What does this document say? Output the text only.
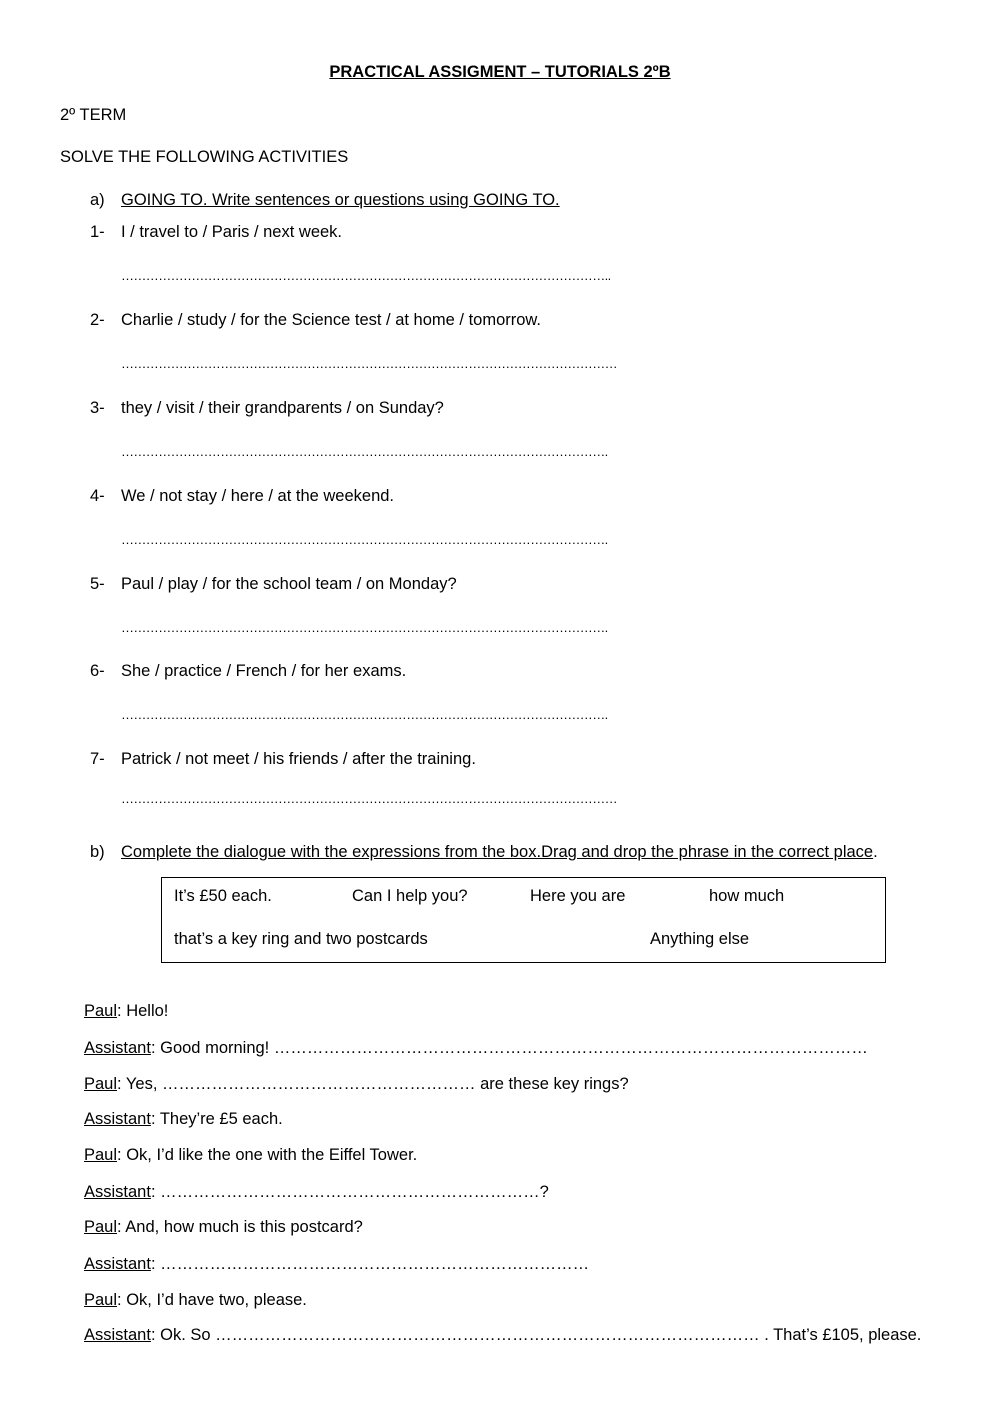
PRACTICAL ASSIGMENT – TUTORIALS 2ºB
2º TERM
SOLVE THE FOLLOWING ACTIVITIES
a) GOING TO. Write sentences or questions using GOING TO.
1- I / travel to / Paris / next week.
………………………………………………………………………………………………………..
2- Charlie / study / for the Science test / at home / tomorrow.
…………………………………………………………………………………………………………
3- they / visit / their grandparents / on Sunday?
……………………………………………………………………………………………………….
4- We / not stay / here / at the weekend.
……………………………………………………………………………………………………….
5- Paul / play / for the school team / on Monday?
……………………………………………………………………………………………………….
6- She / practice / French / for her exams.
……………………………………………………………………………………………………….
7- Patrick / not meet / his friends / after the training.
…………………………………………………………………………………………………………
b) Complete the dialogue with the expressions from the box.Drag and drop the phrase in the correct place.
It’s £50 each.	Can I help you?	Here you are	how much
that’s a key ring and two postcards	Anything else
Paul: Hello!
Assistant: Good morning! ………………………………………………………………………………………………
Paul: Yes, ………………………………………………… are these key rings?
Assistant: They’re £5 each.
Paul: Ok, I’d like the one with the Eiffel Tower.
Assistant: ……………………………………………………………?
Paul: And, how much is this postcard?
Assistant: ……………………………………………………………………
Paul: Ok, I’d have two, please.
Assistant: Ok. So ……………………………………………………………………………………… . That’s £105, please.
